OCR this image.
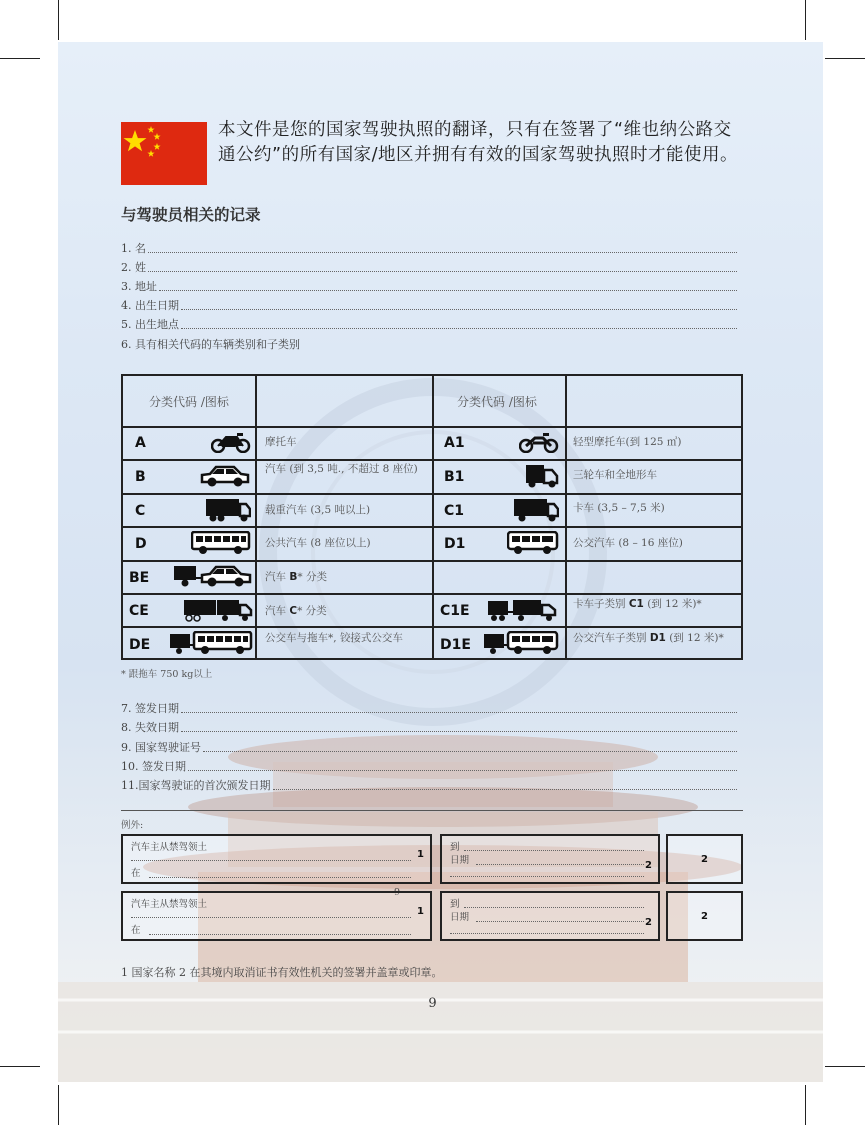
本文件是您的国家驾驶执照的翻译，只有在签署了“维也纳公路交通公约”的所有国家/地区并拥有有效的国家驾驶执照时才能使用。
与驾驶员相关的记录
1. 名
2. 姓
3. 地址
4. 出生日期
5. 出生地点
6. 具有相关代码的车辆类别和子类别
分类代码 /图标	分类代码 /图标
A	摩托车	A1	轻型摩托车(到 125 ㎥)
B	汽车 (到 3,5 吨., 不超过 8 座位)	B1	三轮车和全地形车
C	载重汽车 (3,5 吨以上)	C1	卡车 (3,5 – 7,5 米)
D	公共汽车 (8 座位以上)	D1	公交汽车 (8 – 16 座位)
BE	汽车 B* 分类
CE	汽车 C* 分类	C1E	卡车子类别 C1 (到 12 米)*
DE	公交车与拖车*, 铰接式公交车	D1E	公交汽车子类别 D1 (到 12 米)*
* 跟拖车 750 kg以上
7. 签发日期
8. 失效日期
9. 国家驾驶证号
10. 签发日期
11.国家驾驶证的首次颁发日期
例外:
汽车主从禁驾领土
1
在
到
日期	2
2
9
汽车主从禁驾领土
1
在
到
日期	2
2
1 国家名称 2 在其境内取消证书有效性机关的签署并盖章或印章。
9
